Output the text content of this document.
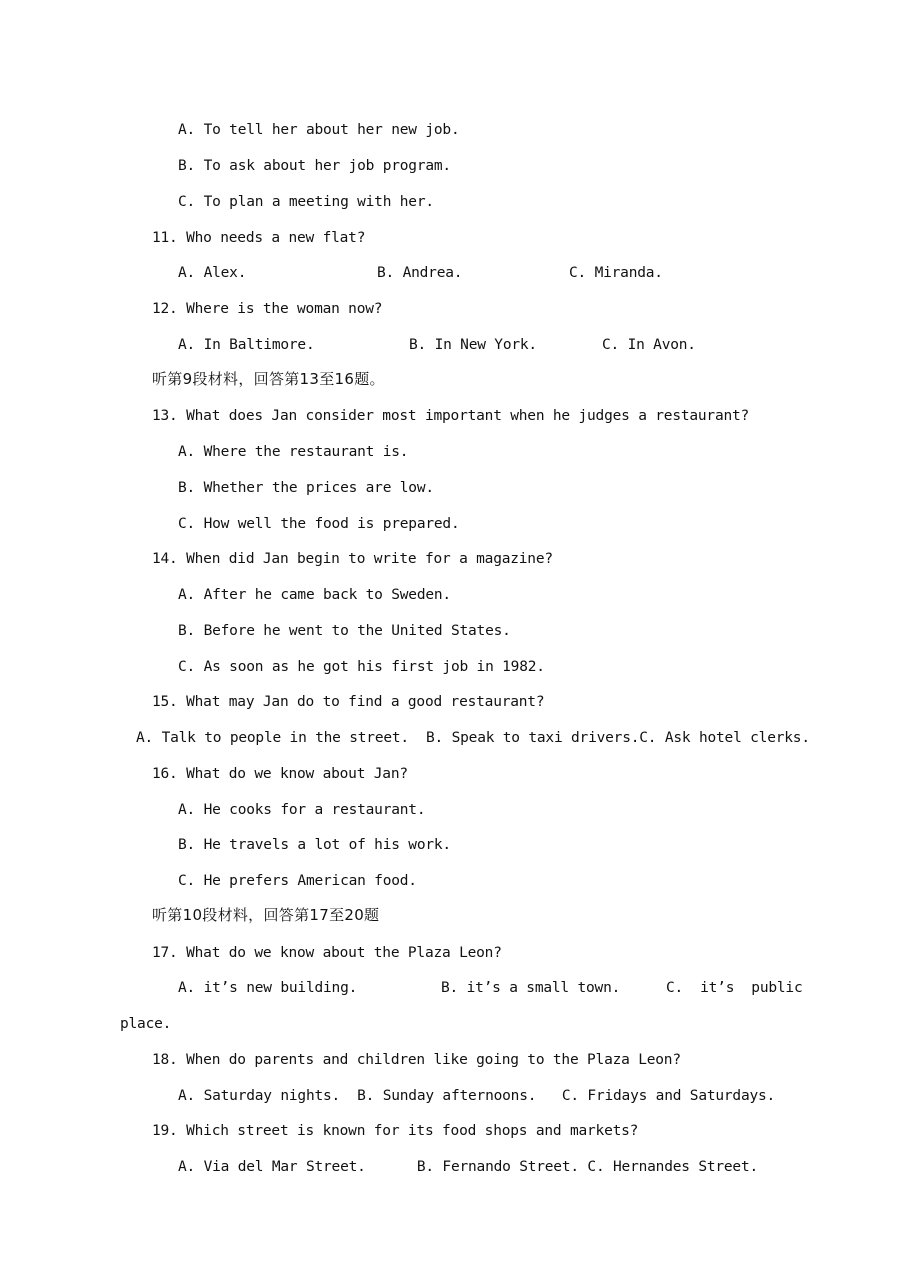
A. To tell her about her new job.
B. To ask about her job program.
C. To plan a meeting with her.
11. Who needs a new flat?

A. Alex.

	B. Andrea.

	C. Miranda.

12. Where is the woman now?

A. In Baltimore.

	B. In New York.

	C. In Avon.

听第9段材料，回答第13至16题。
13. What does Jan consider most important when he judges a restaurant?
A. Where the restaurant is.
B. Whether the prices are low.
C. How well the food is prepared.
14. When did Jan begin to write for a magazine?
A. After he came back to Sweden.
B. Before he went to the United States.
C. As soon as he got his first job in 1982.
15. What may Jan do to find a good restaurant?
A. Talk to people in the street.  B. Speak to taxi drivers.C. Ask hotel clerks.
16. What do we know about Jan?
A. He cooks for a restaurant.
B. He travels a lot of his work.
C. He prefers American food.
听第10段材料，回答第17至20题
17. What do we know about the Plaza Leon?

A. it’s new building.

	B. it’s a small town.

	C.  it’s  public

place.
18. When do parents and children like going to the Plaza Leon?
A. Saturday nights.  B. Sunday afternoons.   C. Fridays and Saturdays.
19. Which street is known for its food shops and markets?
A. Via del Mar Street.      B. Fernando Street. C. Hernandes Street.
